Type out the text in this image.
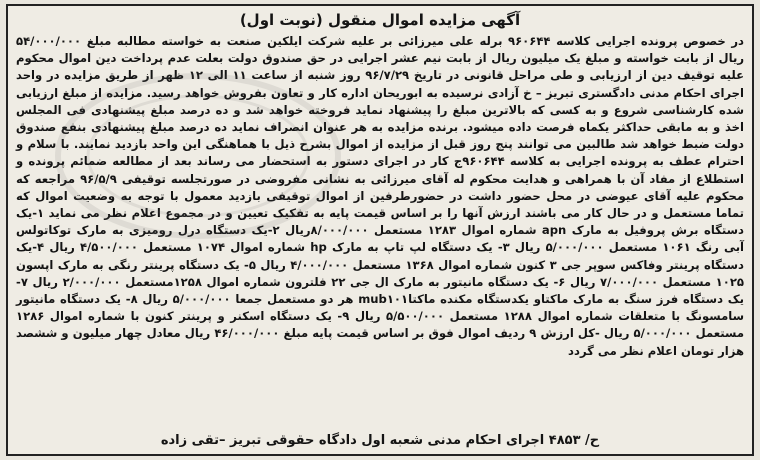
آگهی مزایده اموال منقول (نوبت اول)

در خصوص پرونده اجرایی کلاسه ۹۶۰۶۴۴ برله علی میرزائی بر علیه شرکت ایلکین صنعت به خواسته مطالبه مبلغ ۵۴/۰۰۰/۰۰۰ ریال از بابت خواسته و مبلغ یک میلیون ریال از بابت نیم عشر اجرایی در حق صندوق دولت بعلت عدم پرداخت دین اموال محکوم علیه توقیف دین از ارزیابی و طی مراحل قانونی در تاریخ ۹۶/۷/۲۹ روز شنبه از ساعت ۱۱ الی ۱۲ ظهر از طریق مزایده در واحد اجرای احکام مدنی دادگستری تبریز – خ آزادی نرسیده به ابوریحان اداره کار و تعاون بفروش خواهد رسید. مزایده از مبلغ ارزیابی شده کارشناسی شروع و به کسی که بالاترین مبلغ را پیشنهاد نماید فروخته خواهد شد و ده درصد مبلغ پیشنهادی فی المجلس اخذ و به مابقی حداکثر یکماه فرصت داده میشود. برنده مزایده به هر عنوان انصراف نماید ده درصد مبلغ پیشنهادی بنفع صندوق دولت ضبط خواهد شد طالبین می توانند پنج روز قبل از مزایده از اموال بشرح ذیل با هماهنگی این واحد بازدید نمایند. با سلام و احترام عطف به پرونده اجرایی به کلاسه ۹۶۰۶۴۴ج کار در اجرای دستور به استحضار می رساند بعد از مطالعه ضمائم پرونده و استطلاع از مفاد آن با همراهی و هدایت محکوم له آقای میرزائی به نشانی مفروضی در صورتجلسه توقیفی ۹۶/۵/۹ مراجعه که محکوم علیه آقای عیوضی در محل حضور داشت در حضورطرفین از اموال توقیفی بازدید معمول با توجه به وضعیت اموال که تماما مستعمل و در حال کار می باشند ارزش آنها را بر اساس قیمت پایه به تفکیک تعیین و در مجموع اعلام نظر می نماید ۱-یک دستگاه برش پروفیل به مارک apn شماره اموال ۱۲۸۳ مستعمل ۸/۰۰۰/۰۰۰ریال ۲-یک دستگاه درل رومیزی به مارک توکاتولس آبی رنگ ۱۰۶۱ مستعمل ۵/۰۰۰/۰۰۰ ریال ۳- یک دستگاه لپ تاپ به مارک hp شماره اموال ۱۰۷۴ مستعمل ۴/۵۰۰/۰۰۰ ریال ۴-یک دستگاه پرینتر وفاکس سوپر جی ۳ کنون شماره اموال ۱۳۶۸ مستعمل ۴/۰۰۰/۰۰۰ ریال ۵- یک دستگاه پرینتر رنگی به مارک اپسون ۱۰۲۵ مستعمل ۷/۰۰۰/۰۰۰ ریال ۶- یک دستگاه مانیتور به مارک ال جی ۲۲ فلترون شماره اموال ۱۲۵۸مستعمل ۲/۰۰۰/۰۰۰ ریال ۷- یک دستگاه فرز سنگ به مارک ماکتاو یکدستگاه مکنده ماکتاmub۱۰۱ هر دو مستعمل جمعا ۵/۰۰۰/۰۰۰ ریال ۸- یک دستگاه مانیتور سامسونگ با متعلقات شماره اموال ۱۲۸۸ مستعمل ۵/۵۰۰/۰۰۰ ریال ۹- یک دستگاه اسکنر و پرینتر کنون با شماره اموال ۱۲۸۶ مستعمل ۵/۰۰۰/۰۰۰ ریال -کل ارزش ۹ ردیف اموال فوق بر اساس قیمت پایه مبلغ ۴۶/۰۰۰/۰۰۰ ریال معادل چهار میلیون و ششصد هزار تومان اعلام نظر می گردد

ح/ ۴۸۵۳ اجرای احکام مدنی شعبه اول دادگاه حقوقی تبریز –تقی زاده
